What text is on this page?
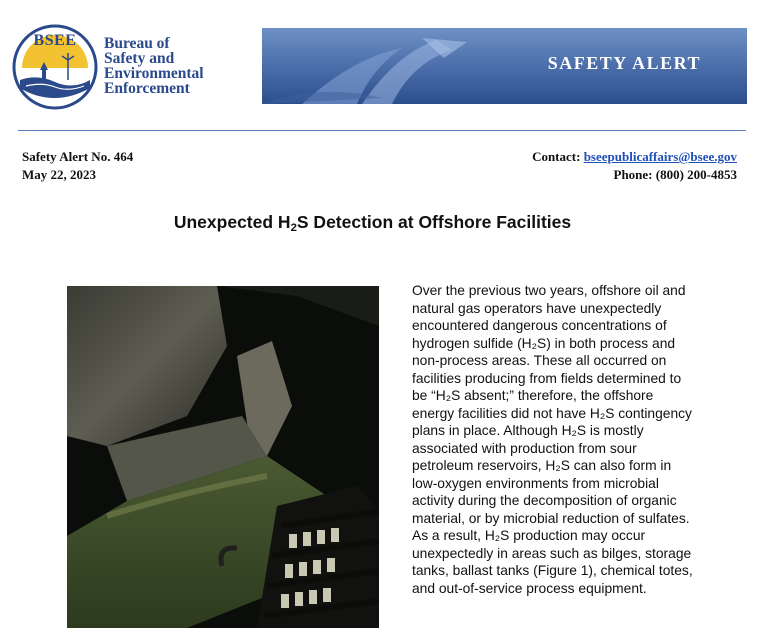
BSEE	Bureau of
Safety and
Environmental
Enforcement
SAFETY ALERT
Safety Alert No. 464
May 22, 2023
Contact: bseepublicaffairs@bsee.gov
Phone: (800) 200-4853
Unexpected $H_2S$ Detection at Offshore Facilities
Over the previous two years, offshore oil and
natural gas operators have unexpectedly
encountered dangerous concentrations of
hydrogen sulfide (H₂S) in both process and
non-process areas. These all occurred on
facilities producing from fields determined to
be “H₂S absent;” therefore, the offshore
energy facilities did not have H₂S contingency
plans in place. Although H₂S is mostly
associated with production from sour
petroleum reservoirs, H₂S can also form in
low-oxygen environments from microbial
activity during the decomposition of organic
material, or by microbial reduction of sulfates.
As a result, H₂S production may occur
unexpectedly in areas such as bilges, storage
tanks, ballast tanks (Figure 1), chemical totes,
and out-of-service process equipment.
